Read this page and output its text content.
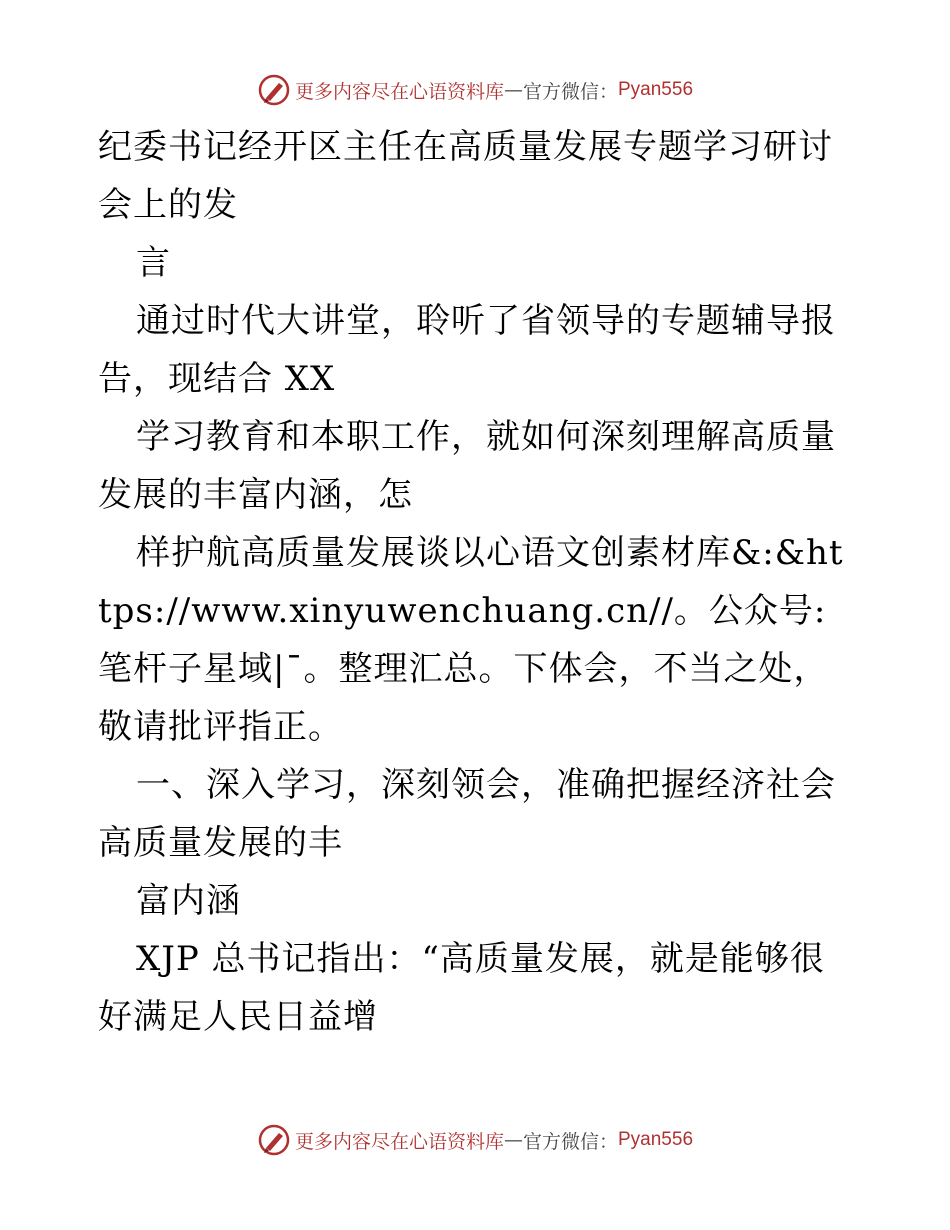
更多内容尽在心语资料库 — 官方微信： Pyan556

纪委书记经开区主任在高质量发展专题学习研讨会上的发

言

通过时代大讲堂，聆听了省领导的专题辅导报告，现结合 XX

学习教育和本职工作，就如何深刻理解高质量发展的丰富内涵，怎

样护航高质量发展谈以心语文创素材库&:&https://www.xinyuwenchuang.cn//。公众号: 笔杆子星域|¯。整理汇总。下体会，不当之处，敬请批评指正。

一、深入学习，深刻领会，准确把握经济社会高质量发展的丰

富内涵

XJP 总书记指出：“高质量发展，就是能够很好满足人民日益增

更多内容尽在心语资料库 — 官方微信： Pyan556
